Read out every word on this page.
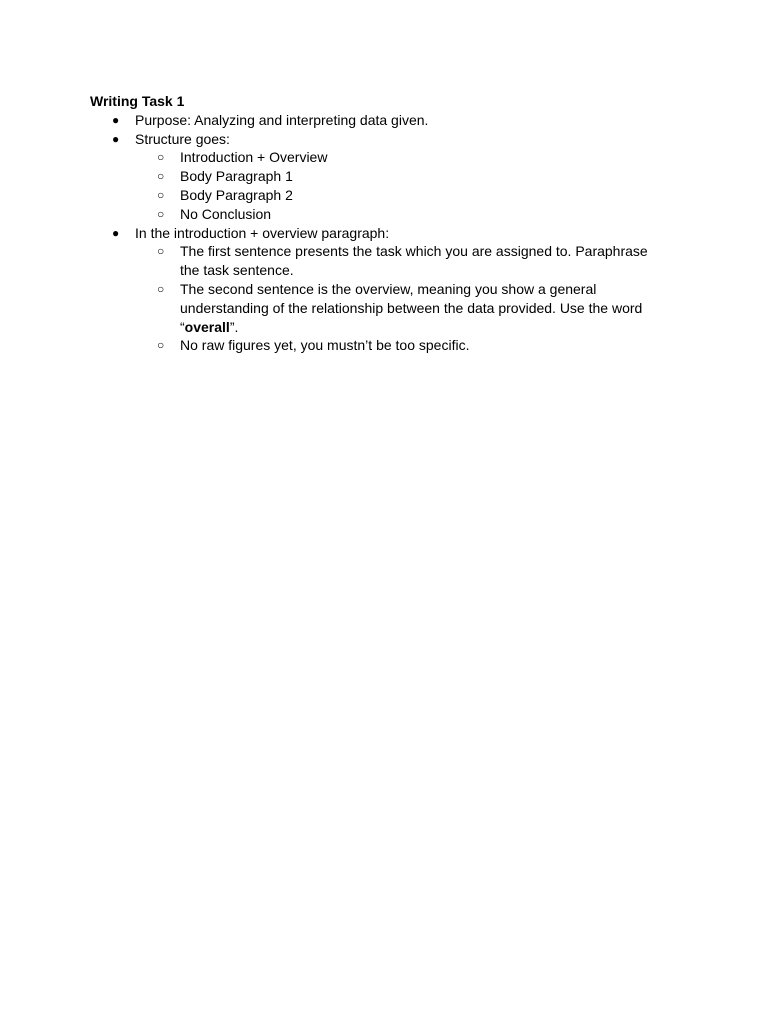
Writing Task 1

● Purpose: Analyzing and interpreting data given.
● Structure goes:
○ Introduction + Overview
○ Body Paragraph 1
○ Body Paragraph 2
○ No Conclusion
● In the introduction + overview paragraph:
○ The first sentence presents the task which you are assigned to. Paraphrase the task sentence.
○ The second sentence is the overview, meaning you show a general understanding of the relationship between the data provided. Use the word “overall”.
○ No raw figures yet, you mustn’t be too specific.
